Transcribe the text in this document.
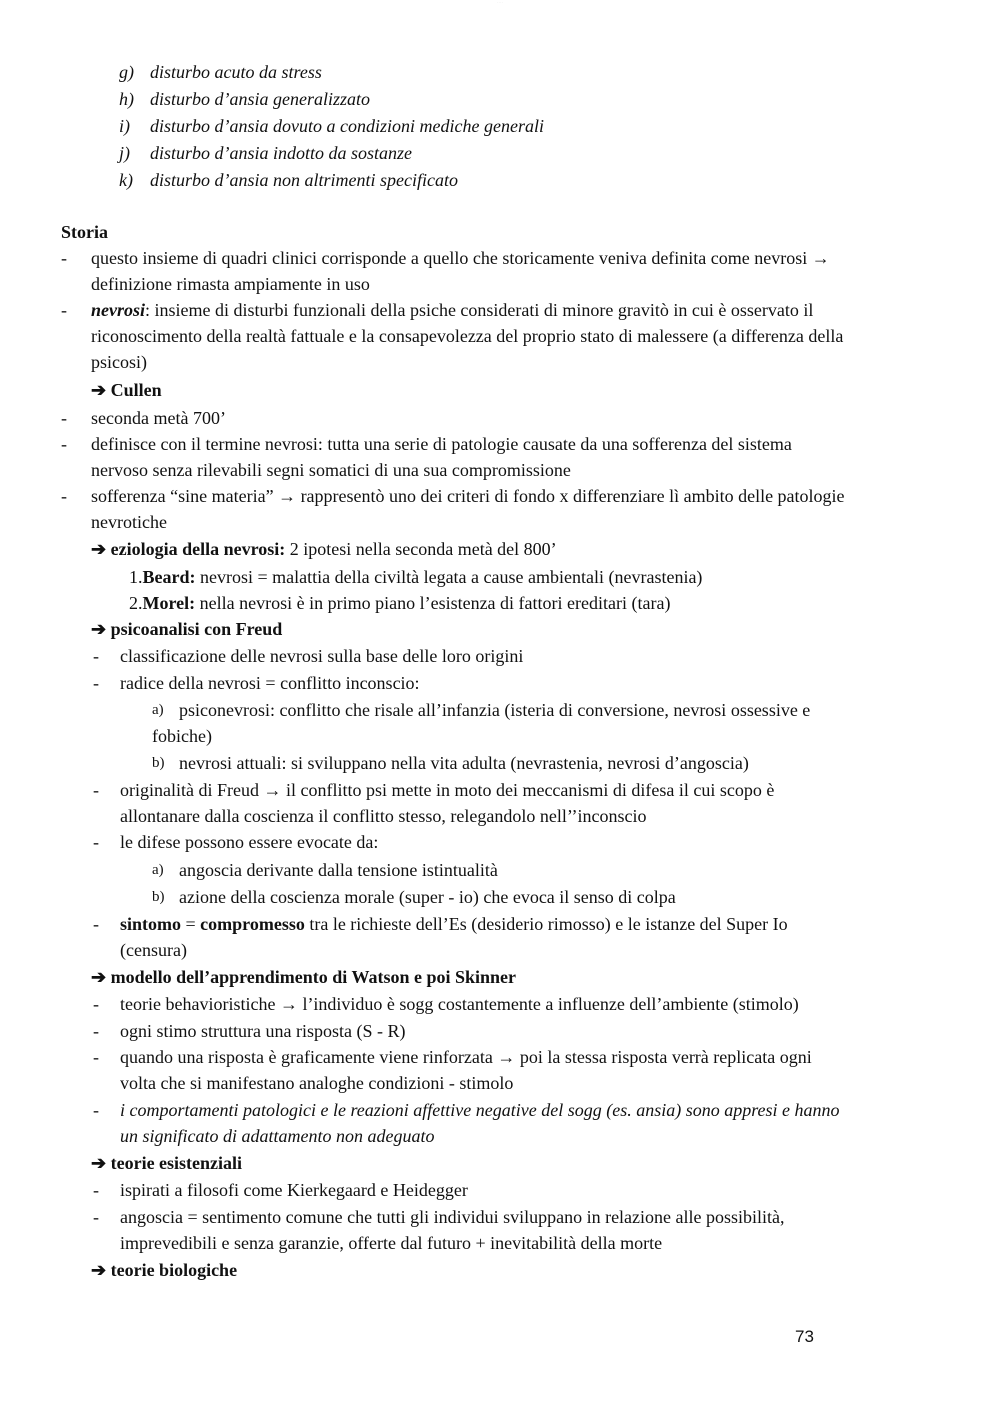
· · · ·
g) disturbo acuto da stress
h) disturbo d’ansia generalizzato
i) disturbo d’ansia dovuto a condizioni mediche generali
j) disturbo d’ansia indotto da sostanze
k) disturbo d’ansia non altrimenti specificato
Storia
- questo insieme di quadri clinici corrisponde a quello che storicamente veniva definita come nevrosi →
definizione rimasta ampiamente in uso
- nevrosi: insieme di disturbi funzionali della psiche considerati di minore gravitò in cui è osservato il
riconoscimento della realtà fattuale e la consapevolezza del proprio stato di malessere (a differenza della
psicosi)
➔ Cullen
- seconda metà 700’
- definisce con il termine nevrosi: tutta una serie di patologie causate da una sofferenza del sistema
nervoso senza rilevabili segni somatici di una sua compromissione
- sofferenza “sine materia” → rappresentò uno dei criteri di fondo x differenziare lì ambito delle patologie
nevrotiche
➔ eziologia della nevrosi: 2 ipotesi nella seconda metà del 800’
1.Beard: nevrosi = malattia della civiltà legata a cause ambientali (nevrastenia)
2.Morel: nella nevrosi è in primo piano l’esistenza di fattori ereditari (tara)
➔ psicoanalisi con Freud
- classificazione delle nevrosi sulla base delle loro origini
- radice della nevrosi = conflitto inconscio:
a) psiconevrosi: conflitto che risale all’infanzia (isteria di conversione, nevrosi ossessive e
fobiche)
b) nevrosi attuali: si sviluppano nella vita adulta (nevrastenia, nevrosi d’angoscia)
- originalità di Freud → il conflitto psi mette in moto dei meccanismi di difesa il cui scopo è
allontanare dalla coscienza il conflitto stesso, relegandolo nell’’inconscio
- le difese possono essere evocate da:
a) angoscia derivante dalla tensione istintualità
b) azione della coscienza morale (super - io) che evoca il senso di colpa
- sintomo = compromesso tra le richieste dell’Es (desiderio rimosso) e le istanze del Super Io
(censura)
➔ modello dell’apprendimento di Watson e poi Skinner
- teorie behavioristiche → l’individuo è sogg costantemente a influenze dell’ambiente (stimolo)
- ogni stimo struttura una risposta (S - R)
- quando una risposta è graficamente viene rinforzata → poi la stessa risposta verrà replicata ogni
volta che si manifestano analoghe condizioni - stimolo
- i comportamenti patologici e le reazioni affettive negative del sogg (es. ansia) sono appresi e hanno
un significato di adattamento non adeguato
➔ teorie esistenziali
- ispirati a filosofi come Kierkegaard e Heidegger
- angoscia = sentimento comune che tutti gli individui sviluppano in relazione alle possibilità,
imprevedibili e senza garanzie, offerte dal futuro + inevitabilità della morte
➔ teorie biologiche
73
